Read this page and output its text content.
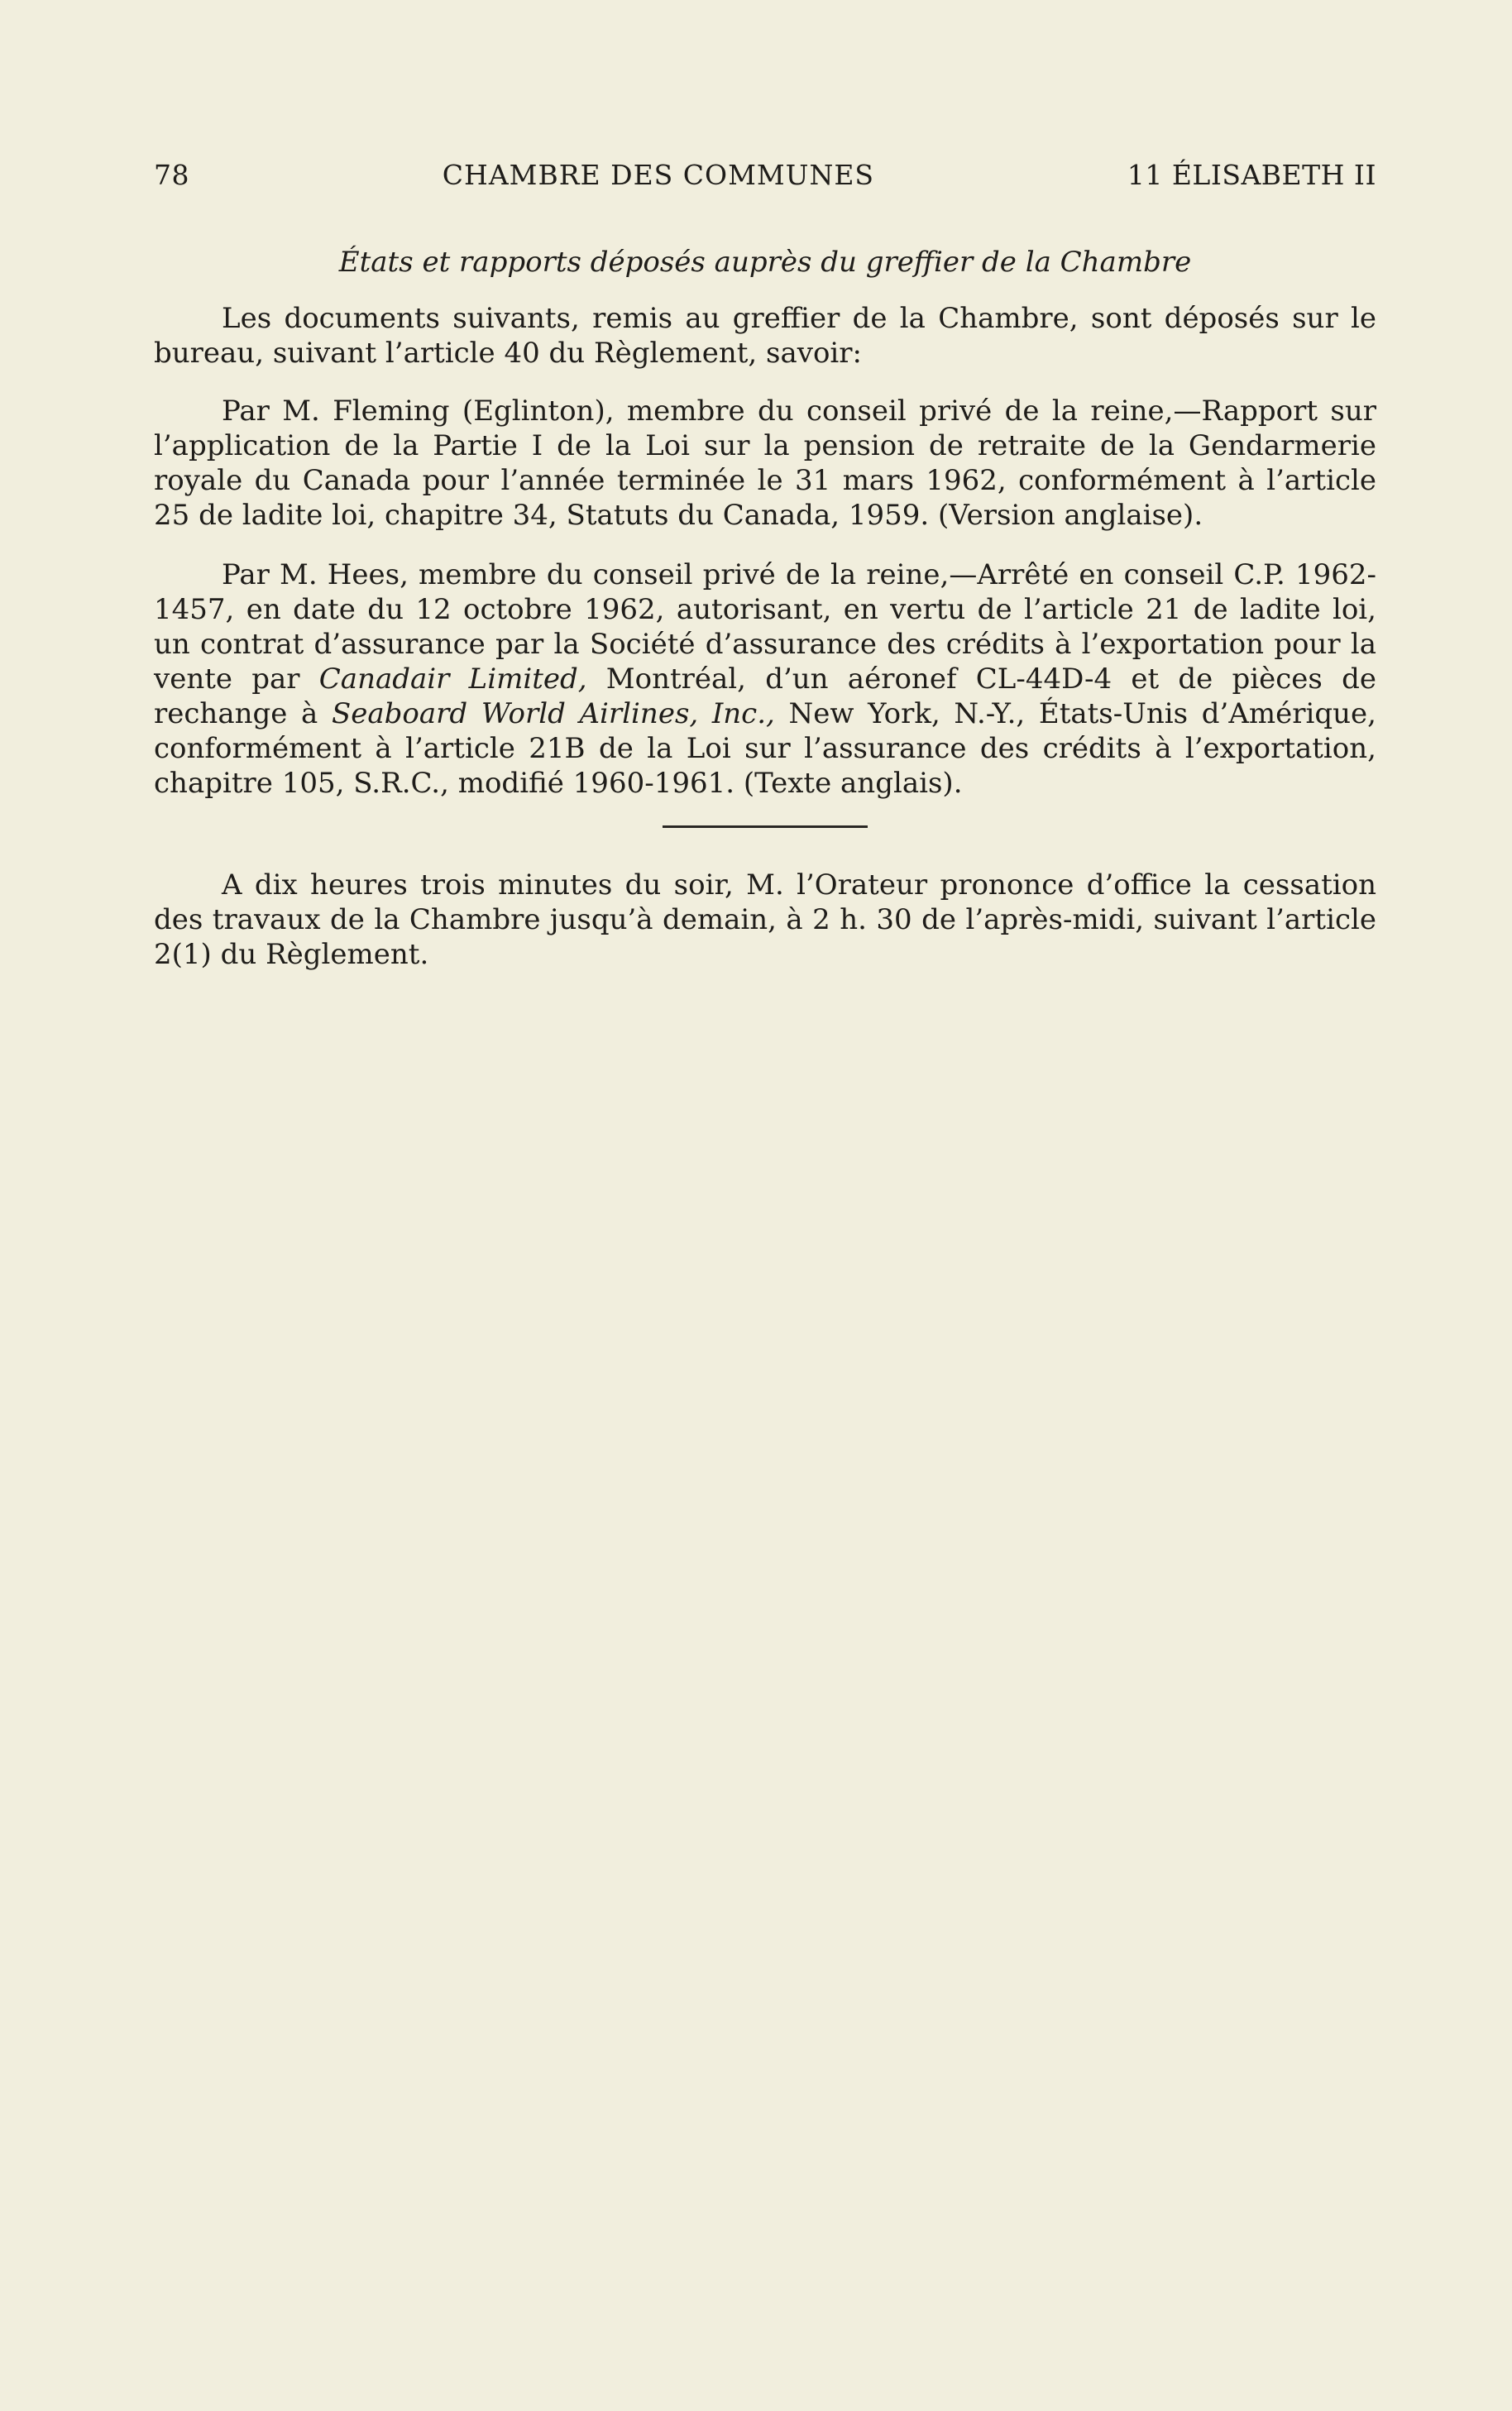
78	CHAMBRE DES COMMUNES	11 ÉLISABETH II
États et rapports déposés auprès du greffier de la Chambre

Les documents suivants, remis au greffier de la Chambre, sont déposés sur le bureau, suivant l’article 40 du Règlement, savoir:

Par M. Fleming (Eglinton), membre du conseil privé de la reine,—Rapport sur l’application de la Partie I de la Loi sur la pension de retraite de la Gendarmerie royale du Canada pour l’année terminée le 31 mars 1962, conformément à l’article 25 de ladite loi, chapitre 34, Statuts du Canada, 1959. (Version anglaise).

Par M. Hees, membre du conseil privé de la reine,—Arrêté en conseil C.P. 1962-1457, en date du 12 octobre 1962, autorisant, en vertu de l’article 21 de ladite loi, un contrat d’assurance par la Société d’assurance des crédits à l’exportation pour la vente par Canadair Limited, Montréal, d’un aéronef CL-44D-4 et de pièces de rechange à Seaboard World Airlines, Inc., New York, N.-Y., États-Unis d’Amérique, conformément à l’article 21B de la Loi sur l’assurance des crédits à l’exportation, chapitre 105, S.R.C., modifié 1960-1961. (Texte anglais).

A dix heures trois minutes du soir, M. l’Orateur prononce d’office la cessation des travaux de la Chambre jusqu’à demain, à 2 h. 30 de l’après-midi, suivant l’article 2(1) du Règlement.
